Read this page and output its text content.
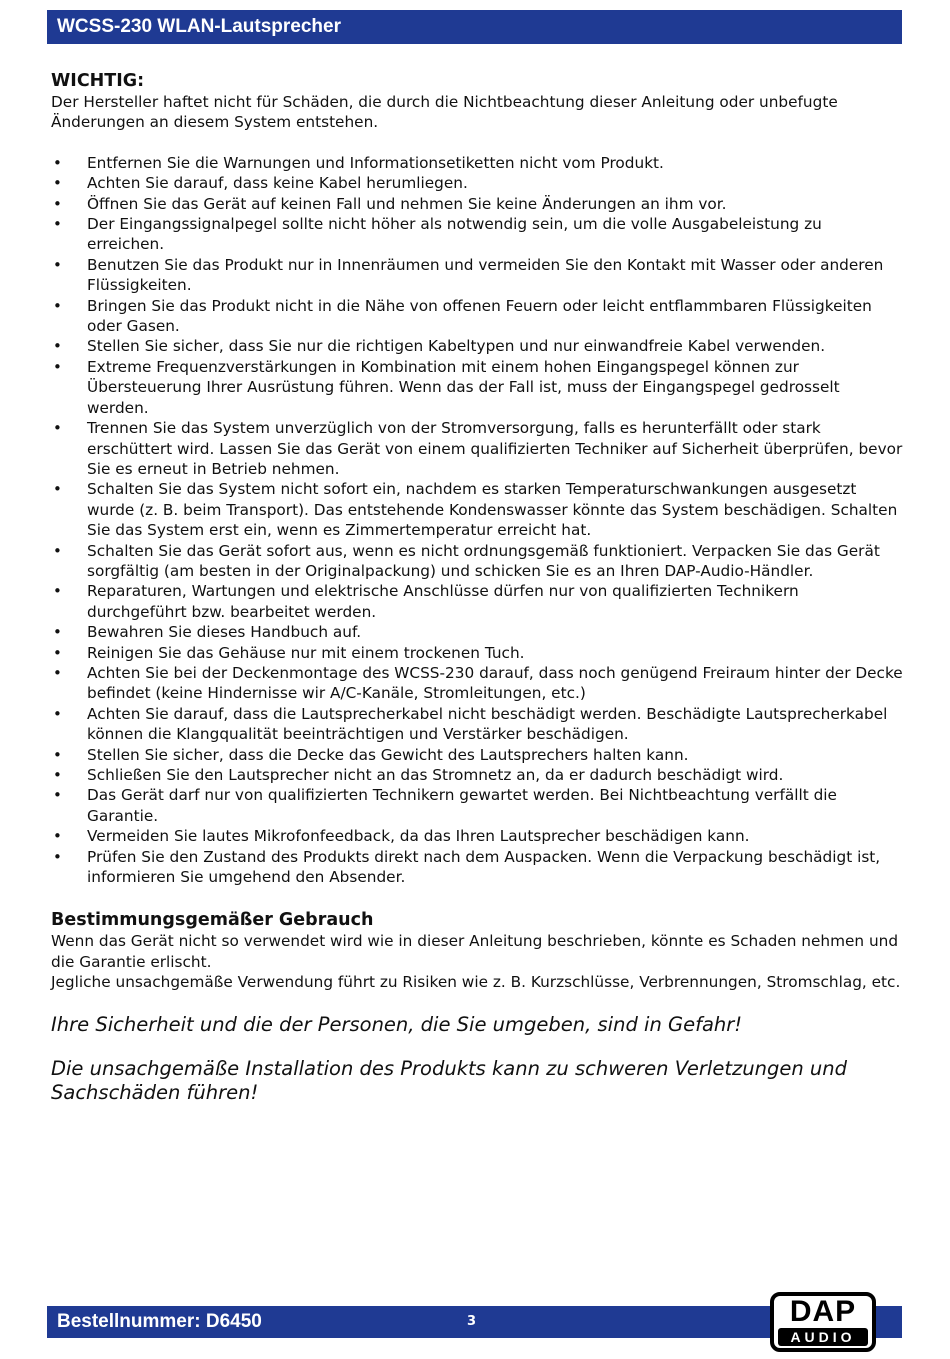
WCSS-230 WLAN-Lautsprecher
WICHTIG:

Der Hersteller haftet nicht für Schäden, die durch die Nichtbeachtung dieser Anleitung oder unbefugte Änderungen an diesem System entstehen.

• Entfernen Sie die Warnungen und Informationsetiketten nicht vom Produkt.
• Achten Sie darauf, dass keine Kabel herumliegen.
• Öffnen Sie das Gerät auf keinen Fall und nehmen Sie keine Änderungen an ihm vor.
• Der Eingangssignalpegel sollte nicht höher als notwendig sein, um die volle Ausgabeleistung zu erreichen.
• Benutzen Sie das Produkt nur in Innenräumen und vermeiden Sie den Kontakt mit Wasser oder anderen Flüssigkeiten.
• Bringen Sie das Produkt nicht in die Nähe von offenen Feuern oder leicht entflammbaren Flüssigkeiten oder Gasen.
• Stellen Sie sicher, dass Sie nur die richtigen Kabeltypen und nur einwandfreie Kabel verwenden.
• Extreme Frequenzverstärkungen in Kombination mit einem hohen Eingangspegel können zur Übersteuerung Ihrer Ausrüstung führen. Wenn das der Fall ist, muss der Eingangspegel gedrosselt werden.
• Trennen Sie das System unverzüglich von der Stromversorgung, falls es herunterfällt oder stark erschüttert wird. Lassen Sie das Gerät von einem qualifizierten Techniker auf Sicherheit überprüfen, bevor Sie es erneut in Betrieb nehmen.
• Schalten Sie das System nicht sofort ein, nachdem es starken Temperaturschwankungen ausgesetzt wurde (z. B. beim Transport). Das entstehende Kondenswasser könnte das System beschädigen. Schalten Sie das System erst ein, wenn es Zimmertemperatur erreicht hat.
• Schalten Sie das Gerät sofort aus, wenn es nicht ordnungsgemäß funktioniert. Verpacken Sie das Gerät sorgfältig (am besten in der Originalpackung) und schicken Sie es an Ihren DAP-Audio-Händler.
• Reparaturen, Wartungen und elektrische Anschlüsse dürfen nur von qualifizierten Technikern durchgeführt bzw. bearbeitet werden.
• Bewahren Sie dieses Handbuch auf.
• Reinigen Sie das Gehäuse nur mit einem trockenen Tuch.
• Achten Sie bei der Deckenmontage des WCSS-230 darauf, dass noch genügend Freiraum hinter der Decke befindet (keine Hindernisse wir A/C-Kanäle, Stromleitungen, etc.)
• Achten Sie darauf, dass die Lautsprecherkabel nicht beschädigt werden. Beschädigte Lautsprecherkabel können die Klangqualität beeinträchtigen und Verstärker beschädigen.
• Stellen Sie sicher, dass die Decke das Gewicht des Lautsprechers halten kann.
• Schließen Sie den Lautsprecher nicht an das Stromnetz an, da er dadurch beschädigt wird.
• Das Gerät darf nur von qualifizierten Technikern gewartet werden. Bei Nichtbeachtung verfällt die Garantie.
• Vermeiden Sie lautes Mikrofonfeedback, da das Ihren Lautsprecher beschädigen kann.
• Prüfen Sie den Zustand des Produkts direkt nach dem Auspacken. Wenn die Verpackung beschädigt ist, informieren Sie umgehend den Absender.
Bestimmungsgemäßer Gebrauch

Wenn das Gerät nicht so verwendet wird wie in dieser Anleitung beschrieben, könnte es Schaden nehmen und die Garantie erlischt.

Jegliche unsachgemäße Verwendung führt zu Risiken wie z. B. Kurzschlüsse, Verbrennungen, Stromschlag, etc.

Ihre Sicherheit und die der Personen, die Sie umgeben, sind in Gefahr!

Die unsachgemäße Installation des Produkts kann zu schweren Verletzungen und Sachschäden führen!

Bestellnummer: D6450	3	DAP
AUDIO
